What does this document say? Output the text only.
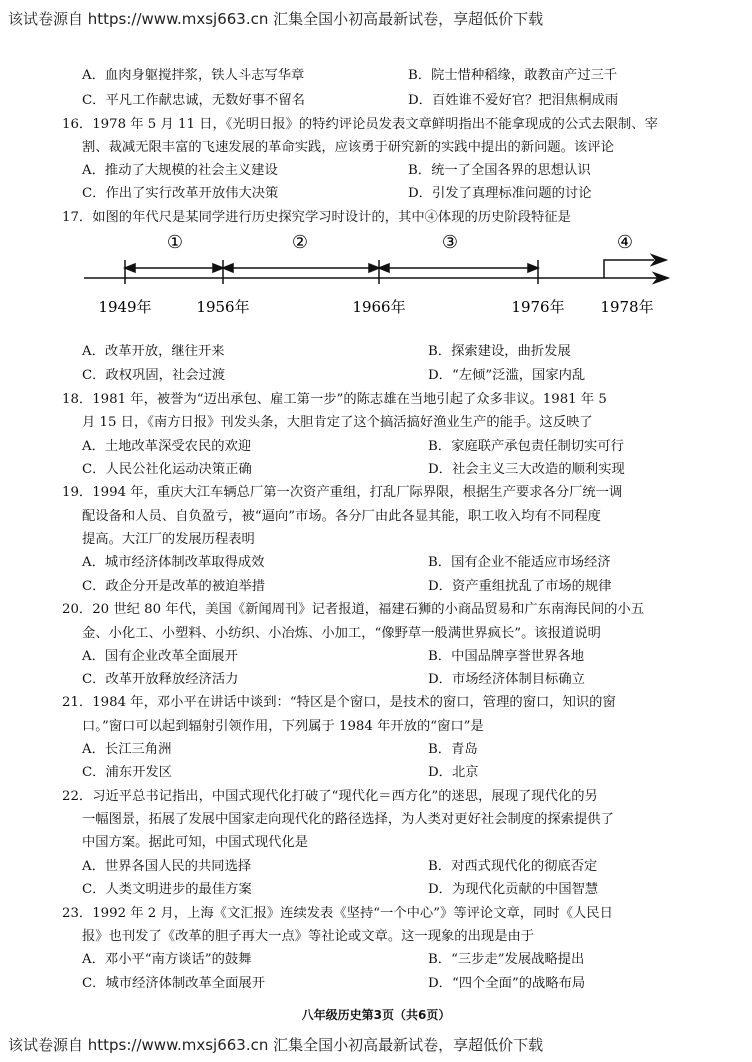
该试卷源自 https://www.mxsj663.cn 汇集全国小初高最新试卷，享超低价下载
A．血肉身躯搅拌浆，铁人斗志写华章	B．院士惜种稻缘，敢教亩产过三千
C．平凡工作献忠诚，无数好事不留名	D．百姓谁不爱好官？把泪焦桐成雨
16．1978 年 5 月 11 日，《光明日报》的特约评论员发表文章鲜明指出不能拿现成的公式去限制、宰
割、裁减无限丰富的飞速发展的革命实践，应该勇于研究新的实践中提出的新问题。该评论
A．推动了大规模的社会主义建设	B．统一了全国各界的思想认识
C．作出了实行改革开放伟大决策	D．引发了真理标准问题的讨论
17．如图的年代尺是某同学进行历史探究学习时设计的，其中④体现的历史阶段特征是
①	②	③	④
1949年	1956年	1966年	1976年 1978年
A．改革开放，继往开来	B．探索建设，曲折发展
C．政权巩固，社会过渡	D．“左倾”泛滥，国家内乱
18．1981 年，被誉为“迈出承包、雇工第一步”的陈志雄在当地引起了众多非议。1981 年 5
月 15 日，《南方日报》刊发头条，大胆肯定了这个搞活搞好渔业生产的能手。这反映了
A．土地改革深受农民的欢迎	B．家庭联产承包责任制切实可行
C．人民公社化运动决策正确	D．社会主义三大改造的顺利实现
19．1994 年，重庆大江车辆总厂第一次资产重组，打乱厂际界限，根据生产要求各分厂统一调
配设备和人员、自负盈亏，被“逼向”市场。各分厂由此各显其能，职工收入均有不同程度
提高。大江厂的发展历程表明
A．城市经济体制改革取得成效	B．国有企业不能适应市场经济
C．政企分开是改革的被迫举措	D．资产重组扰乱了市场的规律
20．20 世纪 80 年代，美国《新闻周刊》记者报道，福建石狮的小商品贸易和广东南海民间的小五
金、小化工、小塑料、小纺织、小冶炼、小加工，“像野草一般满世界疯长”。该报道说明
A．国有企业改革全面展开	B．中国品牌享誉世界各地
C．改革开放释放经济活力	D．市场经济体制目标确立
21．1984 年，邓小平在讲话中谈到：“特区是个窗口，是技术的窗口，管理的窗口，知识的窗
口。”窗口可以起到辐射引领作用，下列属于 1984 年开放的“窗口”是
A．长江三角洲	B．青岛
C．浦东开发区	D．北京
22．习近平总书记指出，中国式现代化打破了“现代化＝西方化”的迷思，展现了现代化的另
一幅图景，拓展了发展中国家走向现代化的路径选择，为人类对更好社会制度的探索提供了
中国方案。据此可知，中国式现代化是
A．世界各国人民的共同选择	B．对西式现代化的彻底否定
C．人类文明进步的最佳方案	D．为现代化贡献的中国智慧
23．1992 年 2 月，上海《文汇报》连续发表《坚持“一个中心”》等评论文章，同时《人民日
报》也刊发了《改革的胆子再大一点》等社论或文章。这一现象的出现是由于
A．邓小平“南方谈话”的鼓舞	B．“三步走”发展战略提出
C．城市经济体制改革全面展开	D．“四个全面”的战略布局
八年级历史第3页（共6页）
该试卷源自 https://www.mxsj663.cn 汇集全国小初高最新试卷，享超低价下载
